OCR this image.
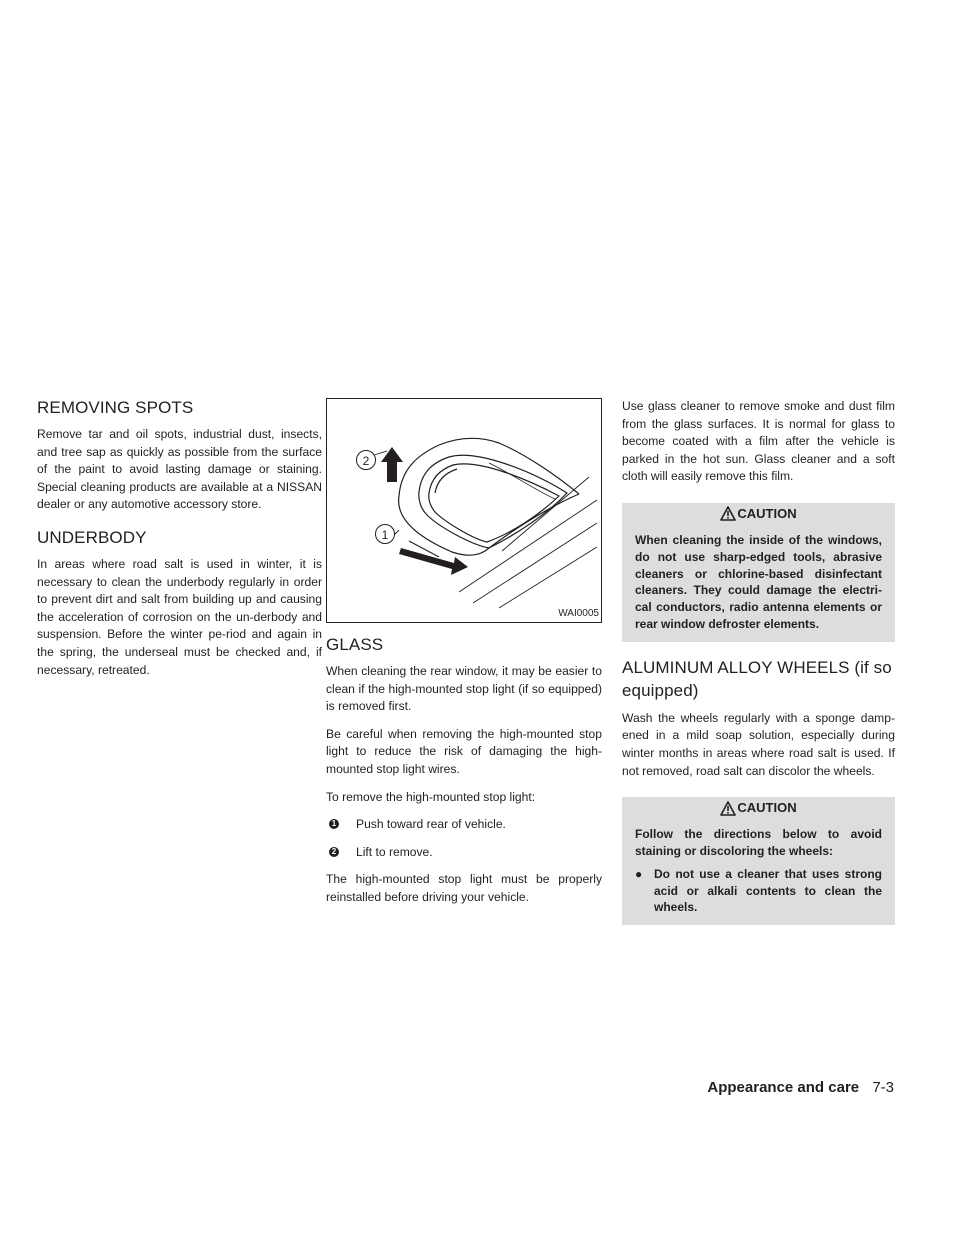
REMOVING SPOTS

Remove tar and oil spots, industrial dust, insects, and tree sap as quickly as possible from the surface of the paint to avoid lasting damage or staining. Special cleaning products are available at a NISSAN dealer or any automotive accessory store.

UNDERBODY

In areas where road salt is used in winter, it is necessary to clean the underbody regularly in order to prevent dirt and salt from building up and causing the acceleration of corrosion on the un-derbody and suspension. Before the winter pe-riod and again in the spring, the underseal must be checked and, if necessary, retreated.

2
1
WAI0005
GLASS

When cleaning the rear window, it may be easier to clean if the high-mounted stop light (if so equipped) is removed first.

Be careful when removing the high-mounted stop light to reduce the risk of damaging the high-mounted stop light wires.

To remove the high-mounted stop light:

1 Push toward rear of vehicle.
2 Lift to remove.

The high-mounted stop light must be properly reinstalled before driving your vehicle.

Use glass cleaner to remove smoke and dust film from the glass surfaces. It is normal for glass to become coated with a film after the vehicle is parked in the hot sun. Glass cleaner and a soft cloth will easily remove this film.

CAUTION

When cleaning the inside of the windows, do not use sharp-edged tools, abrasive cleaners or chlorine-based disinfectant cleaners. They could damage the electri-cal conductors, radio antenna elements or rear window defroster elements.

ALUMINUM ALLOY WHEELS (if so equipped)

Wash the wheels regularly with a sponge damp-ened in a mild soap solution, especially during winter months in areas where road salt is used. If not removed, road salt can discolor the wheels.

CAUTION

Follow the directions below to avoid staining or discoloring the wheels:

● Do not use a cleaner that uses strong acid or alkali contents to clean the wheels.
Appearance and care 7-3
